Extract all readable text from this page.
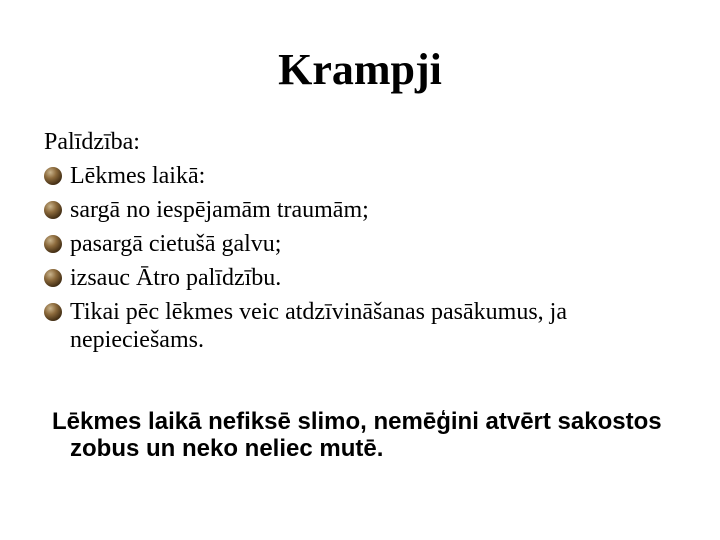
Krampji
Palīdzība:
Lēkmes laikā:
sargā no iespējamām traumām;
pasargā cietušā galvu;
izsauc Ātro palīdzību.
Tikai pēc lēkmes veic atdzīvināšanas pasākumus, ja nepieciešams.
Lēkmes laikā nefiksē slimo, nemēģini atvērt sakostos zobus un neko neliec mutē.
